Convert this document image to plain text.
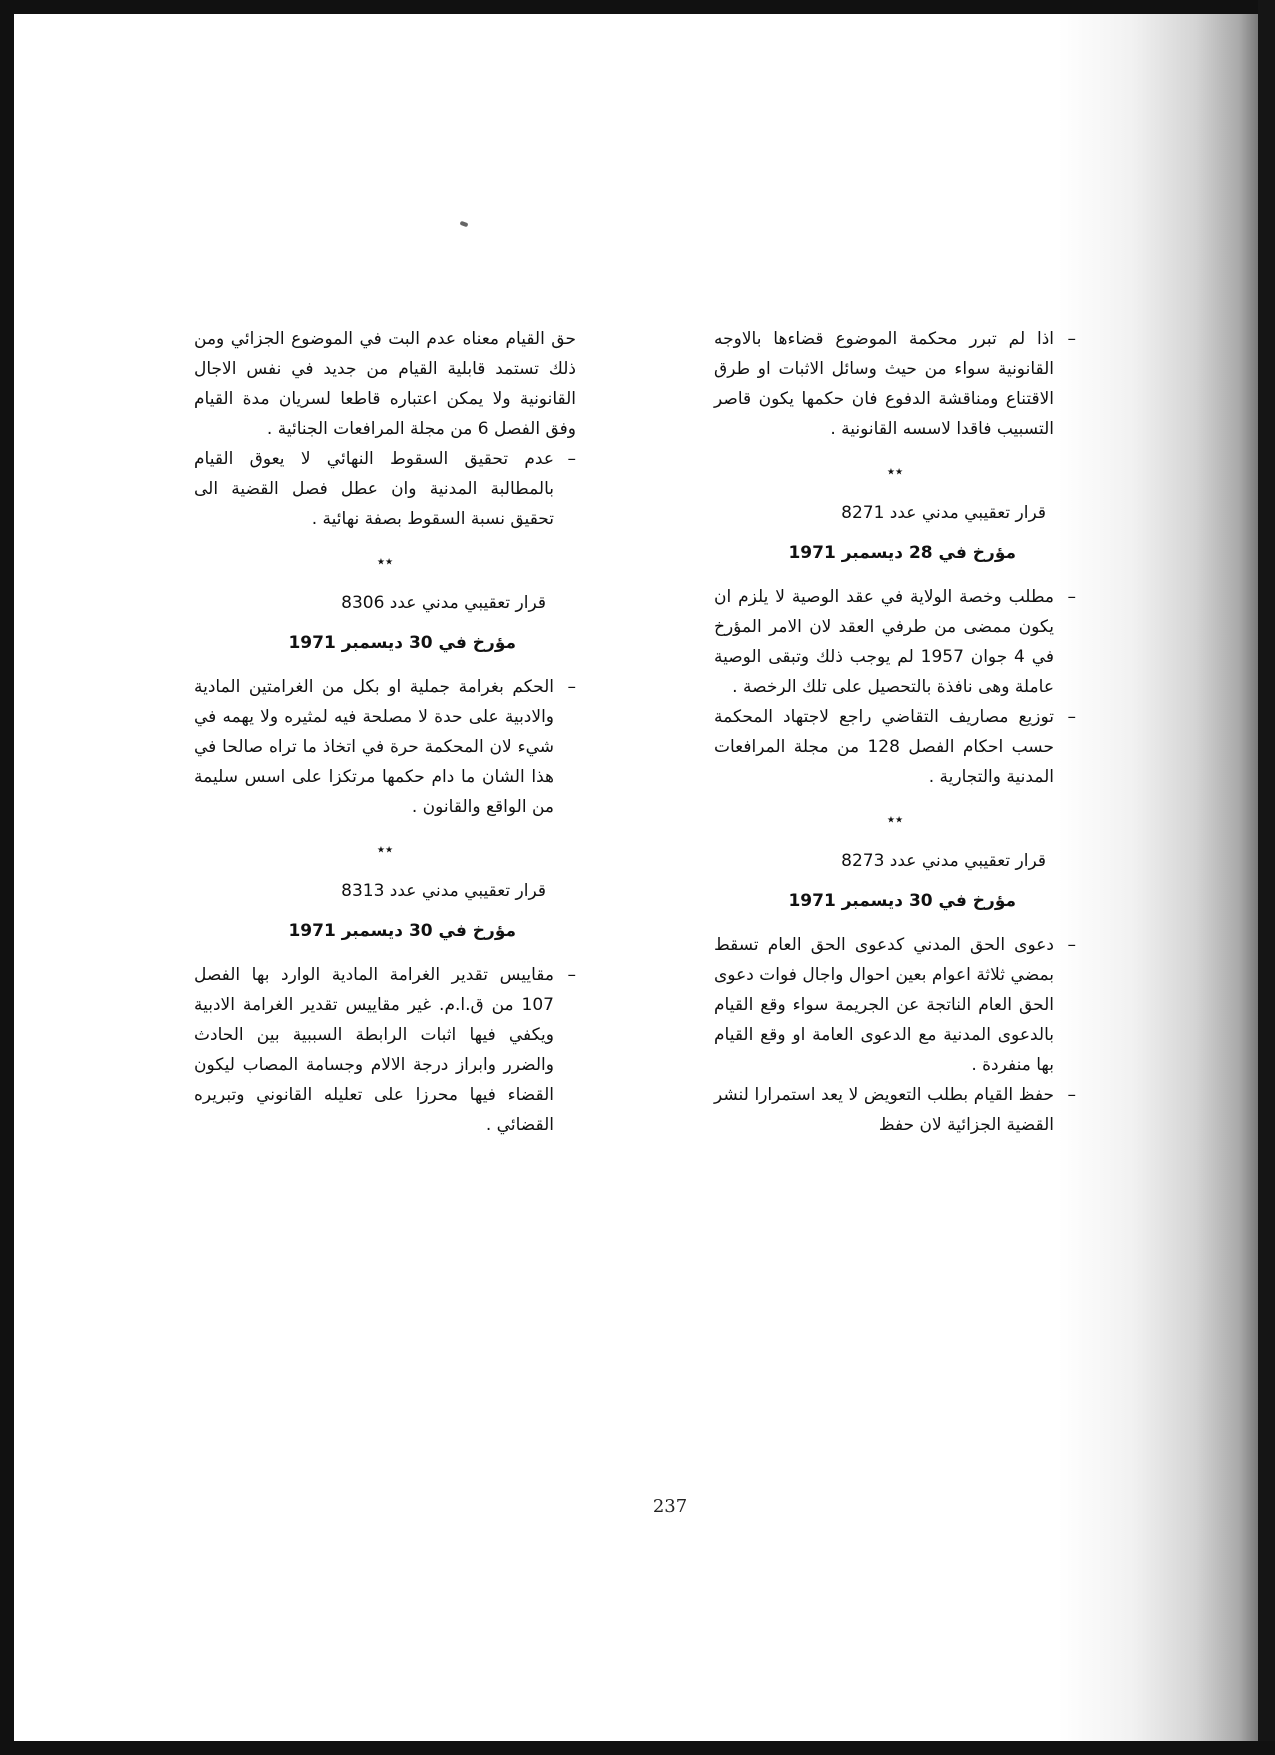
–
اذا لم تبرر محكمة الموضوع قضاءها بالاوجه القانونية سواء من حيث وسائل الاثبات او طرق الاقتناع ومناقشة الدفوع فان حكمها يكون قاصر التسبيب فاقدا لاسسه القانونية .

٭٭
قرار تعقيبي مدني عدد 8271
مؤرخ في 28 ديسمبر 1971

–
مطلب وخصة الولاية في عقد الوصية لا يلزم ان يكون ممضى من طرفي العقد لان الامر المؤرخ في 4 جوان 1957 لم يوجب ذلك وتبقى الوصية عاملة وهى نافذة بالتحصيل على تلك الرخصة .

–
توزيع مصاريف التقاضي راجع لاجتهاد المحكمة حسب احكام الفصل 128 من مجلة المرافعات المدنية والتجارية .

٭٭
قرار تعقيبي مدني عدد 8273
مؤرخ في 30 ديسمبر 1971

–
دعوى الحق المدني كدعوى الحق العام تسقط بمضي ثلاثة اعوام بعين احوال واجال فوات دعوى الحق العام الناتجة عن الجريمة سواء وقع القيام بالدعوى المدنية مع الدعوى العامة او وقع القيام بها منفردة .

–
حفظ القيام بطلب التعويض لا يعد استمرارا لنشر القضية الجزائية لان حفظ

حق القيام معناه عدم البت في الموضوع الجزائي ومن ذلك تستمد قابلية القيام من جديد في نفس الاجال القانونية ولا يمكن اعتباره قاطعا لسريان مدة القيام وفق الفصل 6 من مجلة المرافعات الجنائية .

–
عدم تحقيق السقوط النهائي لا يعوق القيام بالمطالبة المدنية وان عطل فصل القضية الى تحقيق نسبة السقوط بصفة نهائية .

٭٭
قرار تعقيبي مدني عدد 8306
مؤرخ في 30 ديسمبر 1971

–
الحكم بغرامة جملية او بكل من الغرامتين المادية والادبية على حدة لا مصلحة فيه لمثيره ولا يهمه في شيء لان المحكمة حرة في اتخاذ ما تراه صالحا في هذا الشان ما دام حكمها مرتكزا على اسس سليمة من الواقع والقانون .

٭٭
قرار تعقيبي مدني عدد 8313
مؤرخ في 30 ديسمبر 1971

–
مقاييس تقدير الغرامة المادية الوارد بها الفصل 107 من ق.ا.م. غير مقاييس تقدير الغرامة الادبية ويكفي فيها اثبات الرابطة السببية بين الحادث والضرر وابراز درجة الالام وجسامة المصاب ليكون القضاء فيها محرزا على تعليله القانوني وتبريره القضائي .

237
